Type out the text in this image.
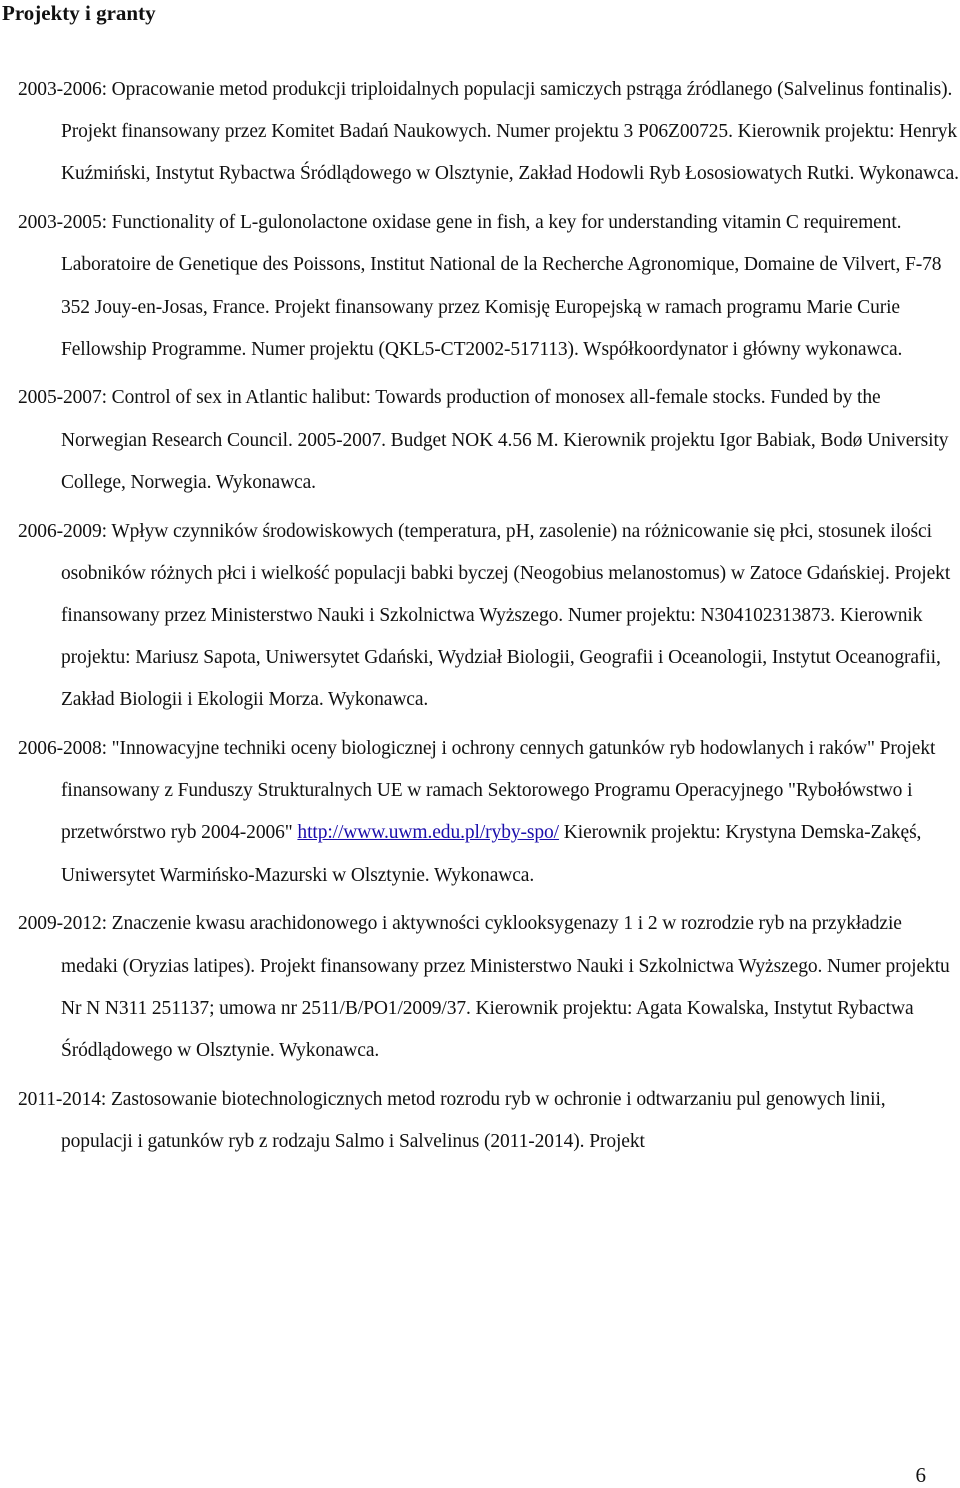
Projekty i granty

2003-2006: Opracowanie metod produkcji triploidalnych populacji samiczych pstrąga źródlanego (Salvelinus fontinalis). Projekt finansowany przez Komitet Badań Naukowych. Numer projektu 3 P06Z00725. Kierownik projektu: Henryk Kuźmiński, Instytut Rybactwa Śródlądowego w Olsztynie, Zakład Hodowli Ryb Łososiowatych Rutki. Wykonawca.

2003-2005: Functionality of L-gulonolactone oxidase gene in fish, a key for understanding vitamin C requirement. Laboratoire de Genetique des Poissons, Institut National de la Recherche Agronomique, Domaine de Vilvert, F-78 352 Jouy-en-Josas, France. Projekt finansowany przez Komisję Europejską w ramach programu Marie Curie Fellowship Programme. Numer projektu (QKL5-CT2002-517113). Współkoordynator i główny wykonawca.

2005-2007: Control of sex in Atlantic halibut: Towards production of monosex all-female stocks. Funded by the Norwegian Research Council. 2005-2007. Budget NOK 4.56 M. Kierownik projektu Igor Babiak, Bodø University College, Norwegia. Wykonawca.

2006-2009: Wpływ czynników środowiskowych (temperatura, pH, zasolenie) na różnicowanie się płci, stosunek ilości osobników różnych płci i wielkość populacji babki byczej (Neogobius melanostomus) w Zatoce Gdańskiej. Projekt finansowany przez Ministerstwo Nauki i Szkolnictwa Wyższego. Numer projektu: N304102313873. Kierownik projektu: Mariusz Sapota, Uniwersytet Gdański, Wydział Biologii, Geografii i Oceanologii, Instytut Oceanografii, Zakład Biologii i Ekologii Morza. Wykonawca.

2006-2008: "Innowacyjne techniki oceny biologicznej i ochrony cennych gatunków ryb hodowlanych i raków" Projekt finansowany z Funduszy Strukturalnych UE w ramach Sektorowego Programu Operacyjnego "Rybołówstwo i przetwórstwo ryb 2004-2006" http://www.uwm.edu.pl/ryby-spo/ Kierownik projektu: Krystyna Demska-Zakęś, Uniwersytet Warmińsko-Mazurski w Olsztynie. Wykonawca.

2009-2012: Znaczenie kwasu arachidonowego i aktywności cyklooksygenazy 1 i 2 w rozrodzie ryb na przykładzie medaki (Oryzias latipes). Projekt finansowany przez Ministerstwo Nauki i Szkolnictwa Wyższego. Numer projektu Nr N N311 251137; umowa nr 2511/B/PO1/2009/37. Kierownik projektu: Agata Kowalska, Instytut Rybactwa Śródlądowego w Olsztynie. Wykonawca.

2011-2014: Zastosowanie biotechnologicznych metod rozrodu ryb w ochronie i odtwarzaniu pul genowych linii, populacji i gatunków ryb z rodzaju Salmo i Salvelinus (2011-2014). Projekt

6
